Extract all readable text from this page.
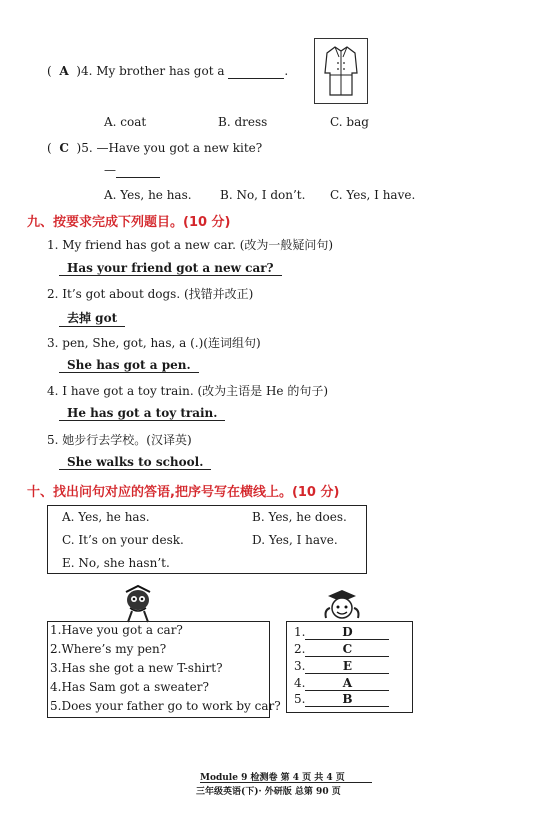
(  A )4. My brother has got a	.
A. coat	B. dress	C. bag
(  C )5. —Have you got a new kite?
—
A. Yes, he has. B. No, I don’t. C. Yes, I have.
九、按要求完成下列题目。(10 分)
1. My friend has got a new car. (改为一般疑问句)
Has your friend got a new car?
2. It’s got about dogs. (找错并改正)
去掉 got
3. pen, She, got, has, a (.)(连词组句)
She has got a pen.
4. I have got a toy train. (改为主语是 He 的句子)
He has got a toy train.
5. 她步行去学校。(汉译英)
She walks to school.
十、找出问句对应的答语,把序号写在横线上。(10 分)
A. Yes, he has.	B. Yes, he does.
C. It’s on your desk.	D. Yes, I have.
E. No, she hasn’t.
1.Have you got a car?
2.Where’s my pen?
3.Has she got a new T-shirt?
4.Has Sam got a sweater?
5.Does your father go to work by car?
1.	D
2.	C
3.	E
4.	A
5.	B
Module 9 检测卷 第 4 页 共 4 页
三年级英语(下)· 外研版 总第 90 页
